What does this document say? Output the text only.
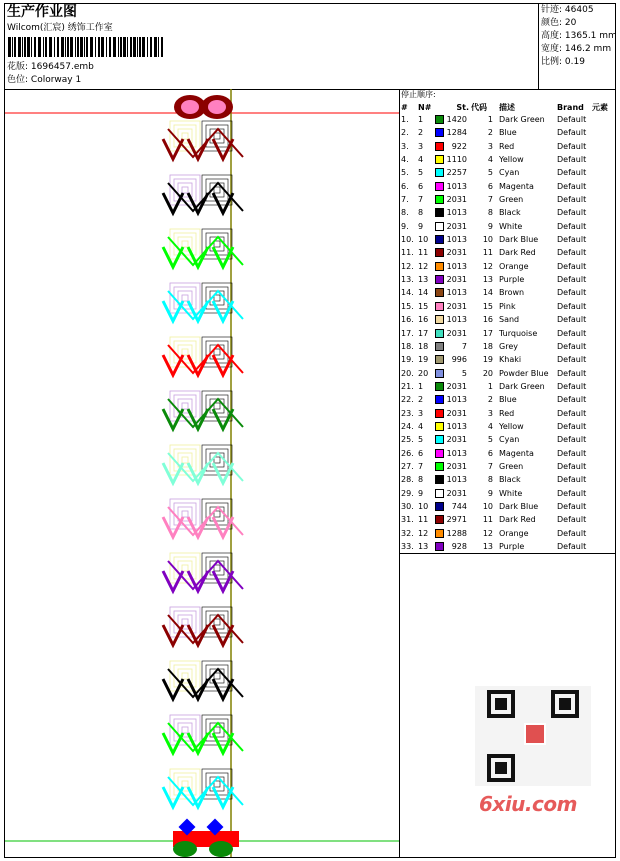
生产作业图
Wilcom(汇宸) 绣饰工作室
花版: 1696457.emb
色位: Colorway 1
针迹: 46405
颜色: 20
高度: 1365.1 mm
宽度: 146.2 mm
比例: 0.19
停止顺序:
# N#	St. 代码	描述	Brand 元素
1. 1	1420	1 Dark Green Default
2. 2	1284	2 Blue	Default
3. 3	922	3 Red	Default
4. 4	1110	4 Yellow	Default
5. 5	2257	5 Cyan	Default
6. 6	1013	6 Magenta	Default
7. 7	2031	7 Green	Default
8. 8	1013	8 Black	Default
9. 9	2031	9 White	Default
10. 10 1013	10 Dark Blue Default
11. 11 2031	11 Dark Red	Default
12. 12 1013	12 Orange	Default
13. 13 2031	13 Purple	Default
14. 14 1013	14 Brown	Default
15. 15 2031	15 Pink	Default
16. 16 1013	16 Sand	Default
17. 17 2031	17 Turquoise Default
18. 18	7	18 Grey	Default
19. 19	996	19 Khaki	Default
20. 20	5	20 Powder Blue Default
21. 1	2031	1 Dark Green Default
22. 2	1013	2 Blue	Default
23. 3	2031	3 Red	Default
24. 4	1013	4 Yellow	Default
25. 5	2031	5 Cyan	Default
26. 6	1013	6 Magenta	Default
27. 7	2031	7 Green	Default
28. 8	1013	8 Black	Default
29. 9	2031	9 White	Default
30. 10	744	10 Dark Blue Default
31. 11 2971	11 Dark Red	Default
32. 12 1288	12 Orange	Default
33. 13	928	13 Purple	Default
6xiu.com
